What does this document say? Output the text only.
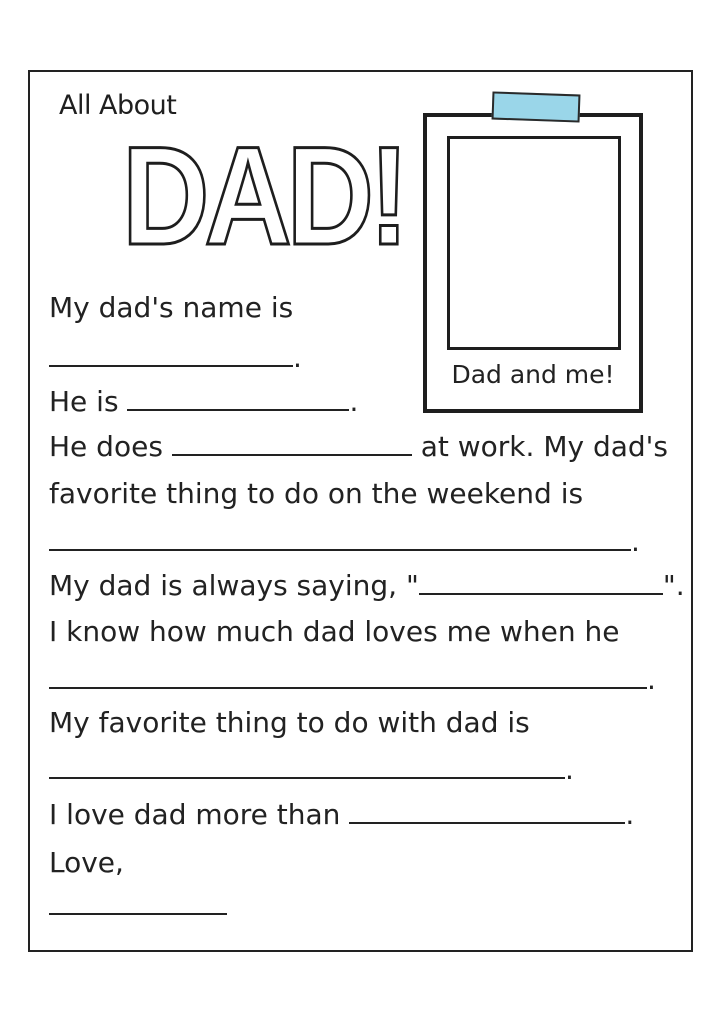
All About
DAD!
Dad and me!
My dad's name is
.
He is	.
He does	at work. My dad's
favorite thing to do on the weekend is
.
My dad is always saying, "	".
I know how much dad loves me when he
.
My favorite thing to do with dad is
.
I love dad more than	.
Love,
